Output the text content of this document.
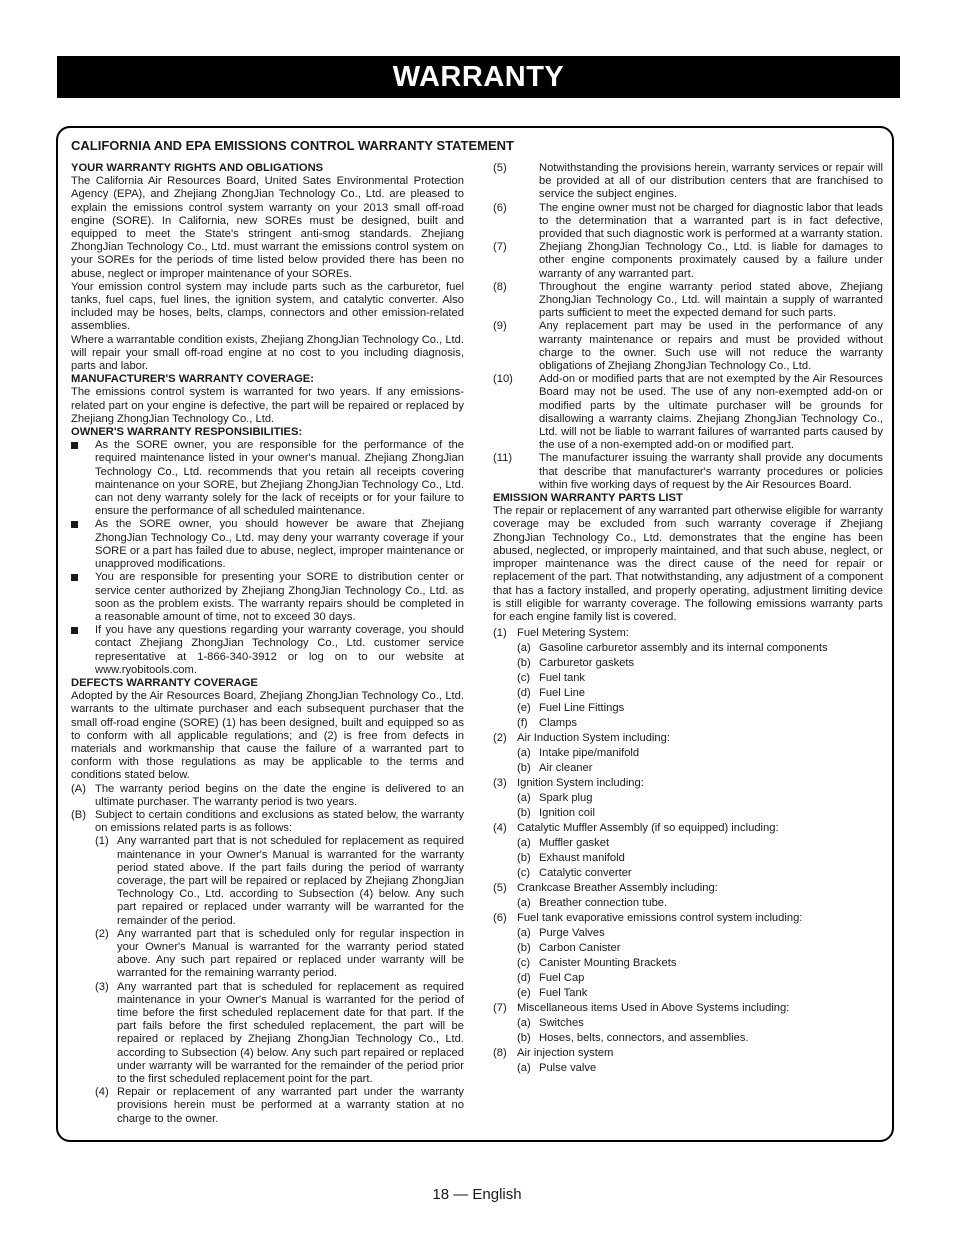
WARRANTY
CALIFORNIA AND EPA EMISSIONS CONTROL WARRANTY STATEMENT

YOUR WARRANTY RIGHTS AND OBLIGATIONS

The California Air Resources Board, United Sates Environmental Protection Agency (EPA), and Zhejiang ZhongJian Technology Co., Ltd. are pleased to explain the emissions control system warranty on your 2013 small off-road engine (SORE). In California, new SOREs must be designed, built and equipped to meet the State's stringent anti-smog standards. Zhejiang ZhongJian Technology Co., Ltd. must warrant the emissions control system on your SOREs for the periods of time listed below provided there has been no abuse, neglect or improper maintenance of your SOREs.

Your emission control system may include parts such as the carburetor, fuel tanks, fuel caps, fuel lines, the ignition system, and catalytic converter. Also included may be hoses, belts, clamps, connectors and other emission-related assemblies.

Where a warrantable condition exists, Zhejiang ZhongJian Technology Co., Ltd. will repair your small off-road engine at no cost to you including diagnosis, parts and labor.

MANUFACTURER'S WARRANTY COVERAGE:

The emissions control system is warranted for two years. If any emissions-related part on your engine is defective, the part will be repaired or replaced by Zhejiang ZhongJian Technology Co., Ltd.

OWNER'S WARRANTY RESPONSIBILITIES:

As the SORE owner, you are responsible for the performance of the required maintenance listed in your owner's manual. Zhejiang ZhongJian Technology Co., Ltd. recommends that you retain all receipts covering maintenance on your SORE, but Zhejiang ZhongJian Technology Co., Ltd. can not deny warranty solely for the lack of receipts or for your failure to ensure the performance of all scheduled maintenance.
As the SORE owner, you should however be aware that Zhejiang ZhongJian Technology Co., Ltd. may deny your warranty coverage if your SORE or a part has failed due to abuse, neglect, improper maintenance or unapproved modifications.
You are responsible for presenting your SORE to distribution center or service center authorized by Zhejiang ZhongJian Technology Co., Ltd. as soon as the problem exists. The warranty repairs should be completed in a reasonable amount of time, not to exceed 30 days.
If you have any questions regarding your warranty coverage, you should contact Zhejiang ZhongJian Technology Co., Ltd. customer service representative at 1-866-340-3912 or log on to our website at www.ryobitools.com.

DEFECTS WARRANTY COVERAGE

Adopted by the Air Resources Board, Zhejiang ZhongJian Technology Co., Ltd. warrants to the ultimate purchaser and each subsequent purchaser that the small off-road engine (SORE) (1) has been designed, built and equipped so as to conform with all applicable regulations; and (2) is free from defects in materials and workmanship that cause the failure of a warranted part to conform with those regulations as may be applicable to the terms and conditions stated below.

(A) The warranty period begins on the date the engine is delivered to an ultimate purchaser. The warranty period is two years.
(B) Subject to certain conditions and exclusions as stated below, the warranty on emissions related parts is as follows:
(1) Any warranted part that is not scheduled for replacement as required maintenance in your Owner's Manual is warranted for the warranty period stated above. If the part fails during the period of warranty coverage, the part will be repaired or replaced by Zhejiang ZhongJian Technology Co., Ltd. according to Subsection (4) below. Any such part repaired or replaced under warranty will be warranted for the remainder of the period.
(2) Any warranted part that is scheduled only for regular inspection in your Owner's Manual is warranted for the warranty period stated above. Any such part repaired or replaced under warranty will be warranted for the remaining warranty period.
(3) Any warranted part that is scheduled for replacement as required maintenance in your Owner's Manual is warranted for the period of time before the first scheduled replacement date for that part. If the part fails before the first scheduled replacement, the part will be repaired or replaced by Zhejiang ZhongJian Technology Co., Ltd. according to Subsection (4) below. Any such part repaired or replaced under warranty will be warranted for the remainder of the period prior to the first scheduled replacement point for the part.
(4) Repair or replacement of any warranted part under the warranty provisions herein must be performed at a warranty station at no charge to the owner.
(5)	Notwithstanding the provisions herein, warranty services or repair will be provided at all of our distribution centers that are franchised to service the subject engines.
(6)	The engine owner must not be charged for diagnostic labor that leads to the determination that a warranted part is in fact defective, provided that such diagnostic work is performed at a warranty station.
(7)	Zhejiang ZhongJian Technology Co., Ltd. is liable for damages to other engine components proximately caused by a failure under warranty of any warranted part.
(8)	Throughout the engine warranty period stated above, Zhejiang ZhongJian Technology Co., Ltd. will maintain a supply of warranted parts sufficient to meet the expected demand for such parts.
(9)	Any replacement part may be used in the performance of any warranty maintenance or repairs and must be provided without charge to the owner. Such use will not reduce the warranty obligations of Zhejiang ZhongJian Technology Co., Ltd.
(10)	Add-on or modified parts that are not exempted by the Air Resources Board may not be used. The use of any non-exempted add-on or modified parts by the ultimate purchaser will be grounds for disallowing a warranty claims. Zhejiang ZhongJian Technology Co., Ltd. will not be liable to warrant failures of warranted parts caused by the use of a non-exempted add-on or modified part.
(11)	The manufacturer issuing the warranty shall provide any documents that describe that manufacturer's warranty procedures or policies within five working days of request by the Air Resources Board.

EMISSION WARRANTY PARTS LIST

The repair or replacement of any warranted part otherwise eligible for warranty coverage may be excluded from such warranty coverage if Zhejiang ZhongJian Technology Co., Ltd. demonstrates that the engine has been abused, neglected, or improperly maintained, and that such abuse, neglect, or improper maintenance was the direct cause of the need for repair or replacement of the part. That notwithstanding, any adjustment of a component that has a factory installed, and properly operating, adjustment limiting device is still eligible for warranty coverage. The following emissions warranty parts for each engine family list is covered.

(1) Fuel Metering System:
(a) Gasoline carburetor assembly and its internal components
(b) Carburetor gaskets
(c) Fuel tank
(d) Fuel Line
(e) Fuel Line Fittings
(f) Clamps
(2) Air Induction System including:
(a) Intake pipe/manifold
(b) Air cleaner
(3) Ignition System including:
(a) Spark plug
(b) Ignition coil
(4) Catalytic Muffler Assembly (if so equipped) including:
(a) Muffler gasket
(b) Exhaust manifold
(c) Catalytic converter
(5) Crankcase Breather Assembly including:
(a) Breather connection tube.
(6) Fuel tank evaporative emissions control system including:
(a) Purge Valves
(b) Carbon Canister
(c) Canister Mounting Brackets
(d) Fuel Cap
(e) Fuel Tank
(7) Miscellaneous items Used in Above Systems including:
(a) Switches
(b) Hoses, belts, connectors, and assemblies.
(8) Air injection system
(a) Pulse valve
18 — English
